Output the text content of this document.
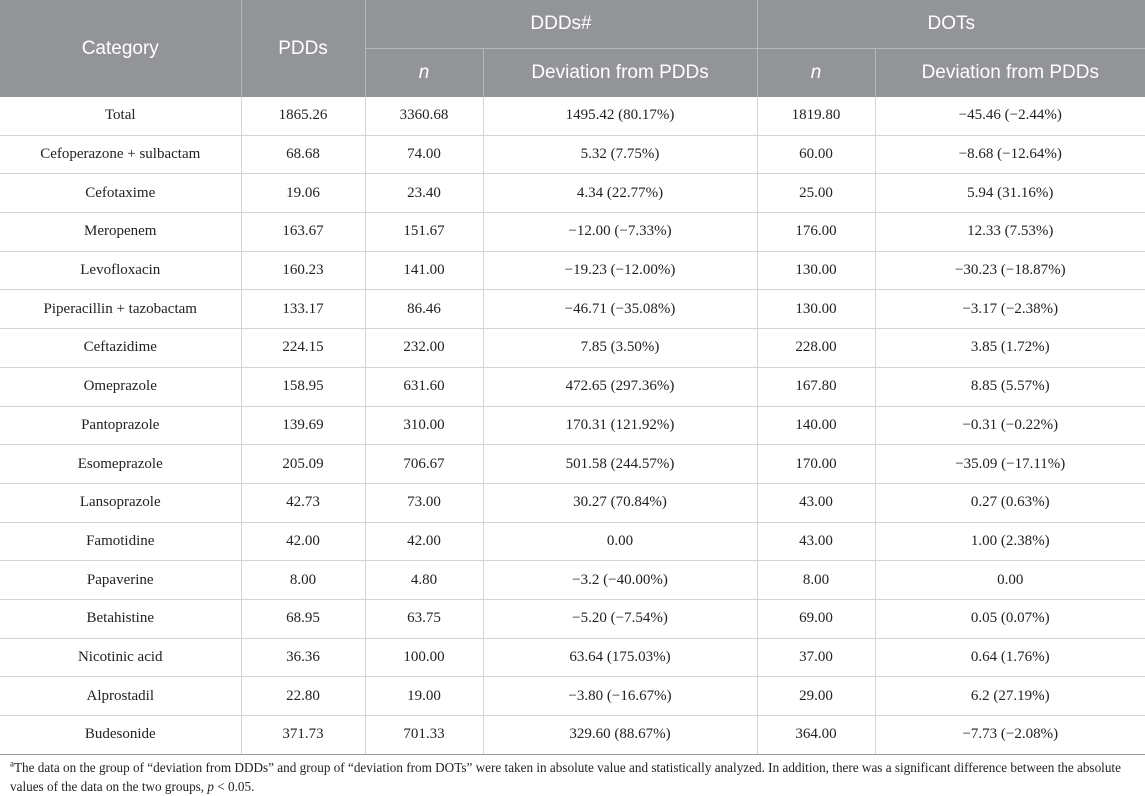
Category	PDDs	DDDs#		DOTs	
		n	Deviation from PDDs	n	Deviation from PDDs
Total	1865.26	3360.68	1495.42 (80.17%)	1819.80	−45.46 (−2.44%)
Cefoperazone + sulbactam	68.68	74.00	5.32 (7.75%)	60.00	−8.68 (−12.64%)
Cefotaxime	19.06	23.40	4.34 (22.77%)	25.00	5.94 (31.16%)
Meropenem	163.67	151.67	−12.00 (−7.33%)	176.00	12.33 (7.53%)
Levofloxacin	160.23	141.00	−19.23 (−12.00%)	130.00	−30.23 (−18.87%)
Piperacillin + tazobactam	133.17	86.46	−46.71 (−35.08%)	130.00	−3.17 (−2.38%)
Ceftazidime	224.15	232.00	7.85 (3.50%)	228.00	3.85 (1.72%)
Omeprazole	158.95	631.60	472.65 (297.36%)	167.80	8.85 (5.57%)
Pantoprazole	139.69	310.00	170.31 (121.92%)	140.00	−0.31 (−0.22%)
Esomeprazole	205.09	706.67	501.58 (244.57%)	170.00	−35.09 (−17.11%)
Lansoprazole	42.73	73.00	30.27 (70.84%)	43.00	0.27 (0.63%)
Famotidine	42.00	42.00	0.00	43.00	1.00 (2.38%)
Papaverine	8.00	4.80	−3.2 (−40.00%)	8.00	0.00
Betahistine	68.95	63.75	−5.20 (−7.54%)	69.00	0.05 (0.07%)
Nicotinic acid	36.36	100.00	63.64 (175.03%)	37.00	0.64 (1.76%)
Alprostadil	22.80	19.00	−3.80 (−16.67%)	29.00	6.2 (27.19%)
Budesonide	371.73	701.33	329.60 (88.67%)	364.00	−7.73 (−2.08%)
$^a$The data on the group of “deviation from DDDs” and group of “deviation from DOTs” were taken in absolute value and statistically analyzed. In addition, there was a significant difference between the absolute values of the data on the two groups, p < 0.05.
